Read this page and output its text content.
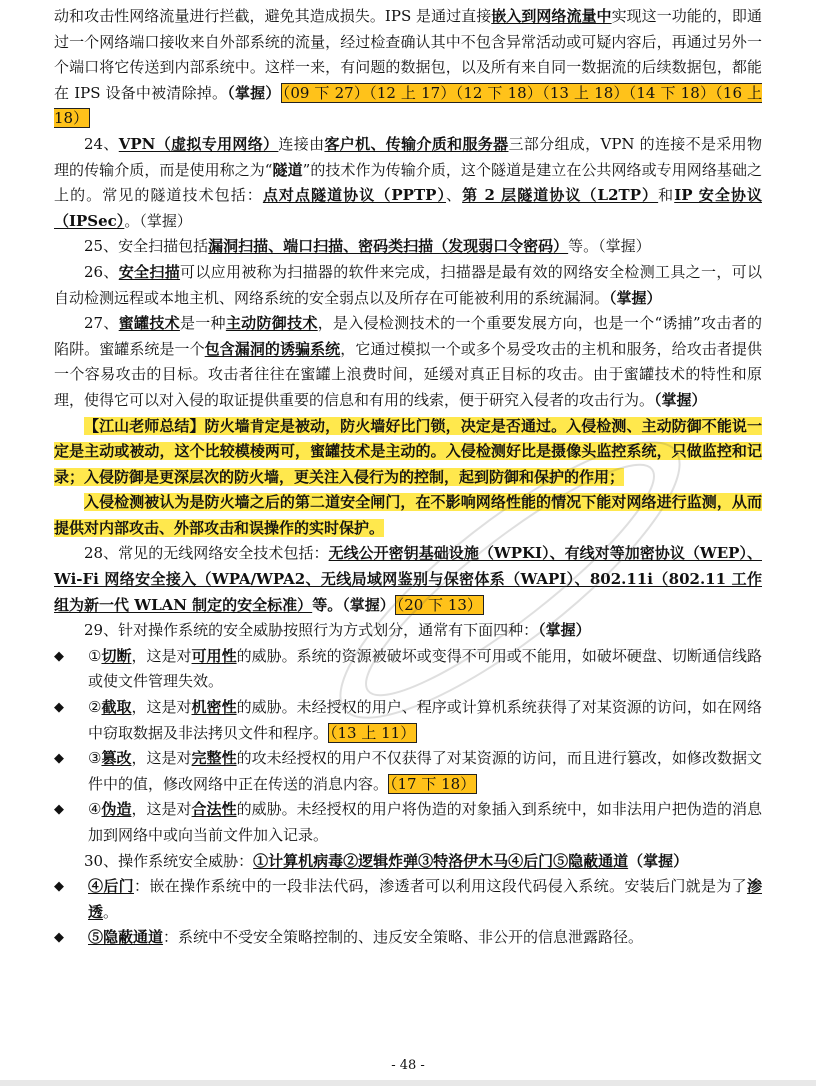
动和攻击性网络流量进行拦截，避免其造成损失。IPS 是通过直接嵌入到网络流量中实现这一功能的，即通过一个网络端口接收来自外部系统的流量，经过检查确认其中不包含异常活动或可疑内容后，再通过另外一个端口将它传送到内部系统中。这样一来，有问题的数据包，以及所有来自同一数据流的后续数据包，都能在 IPS 设备中被清除掉。（掌握） （09 下 27）（12 上 17）（12 下 18）（13 上 18）（14 下 18）（16 上 18）

24、VPN（虚拟专用网络）连接由客户机、传输介质和服务器三部分组成，VPN 的连接不是采用物理的传输介质，而是使用称之为“隧道”的技术作为传输介质，这个隧道是建立在公共网络或专用网络基础之上的。常见的隧道技术包括：点对点隧道协议（PPTP）、第 2 层隧道协议（L2TP）和IP 安全协议（IPSec）。（掌握）

25、安全扫描包括漏洞扫描、端口扫描、密码类扫描（发现弱口令密码）等。（掌握）

26、安全扫描可以应用被称为扫描器的软件来完成，扫描器是最有效的网络安全检测工具之一，可以自动检测远程或本地主机、网络系统的安全弱点以及所存在可能被利用的系统漏洞。（掌握）

27、蜜罐技术是一种主动防御技术，是入侵检测技术的一个重要发展方向，也是一个“诱捕”攻击者的陷阱。蜜罐系统是一个包含漏洞的诱骗系统，它通过模拟一个或多个易受攻击的主机和服务，给攻击者提供一个容易攻击的目标。攻击者往往在蜜罐上浪费时间，延缓对真正目标的攻击。由于蜜罐技术的特性和原理，使得它可以对入侵的取证提供重要的信息和有用的线索，便于研究入侵者的攻击行为。（掌握）

【江山老师总结】防火墙肯定是被动，防火墙好比门锁，决定是否通过。入侵检测、主动防御不能说一定是主动或被动，这个比较模棱两可，蜜罐技术是主动的。入侵检测好比是摄像头监控系统，只做监控和记录；入侵防御是更深层次的防火墙，更关注入侵行为的控制，起到防御和保护的作用；

入侵检测被认为是防火墙之后的第二道安全闸门，在不影响网络性能的情况下能对网络进行监测，从而提供对内部攻击、外部攻击和误操作的实时保护。

28、常见的无线网络安全技术包括：无线公开密钥基础设施（WPKI）、有线对等加密协议（WEP）、Wi-Fi 网络安全接入（WPA/WPA2、无线局域网鉴别与保密体系（WAPI）、802.11i（802.11 工作组为新一代 WLAN 制定的安全标准）等。（掌握） （20 下 13）

29、针对操作系统的安全威胁按照行为方式划分，通常有下面四种：（掌握）

◆	①切断，这是对可用性的威胁。系统的资源被破坏或变得不可用或不能用，如破坏硬盘、切断通信线路或使文件管理失效。
◆	②截取，这是对机密性的威胁。未经授权的用户、程序或计算机系统获得了对某资源的访问，如在网络中窃取数据及非法拷贝文件和程序。 （13 上 11）
◆	③篡改，这是对完整性的攻未经授权的用户不仅获得了对某资源的访问，而且进行篡改，如修改数据文件中的值，修改网络中正在传送的消息内容。 （17 下 18）
◆	④伪造，这是对合法性的威胁。未经授权的用户将伪造的对象插入到系统中，如非法用户把伪造的消息加到网络中或向当前文件加入记录。

30、操作系统安全威胁：①计算机病毒②逻辑炸弹③特洛伊木马④后门⑤隐蔽通道（掌握）

◆	④后门：嵌在操作系统中的一段非法代码，渗透者可以利用这段代码侵入系统。安装后门就是为了渗透。
◆	⑤隐蔽通道：系统中不受安全策略控制的、违反安全策略、非公开的信息泄露路径。
- 48 -
